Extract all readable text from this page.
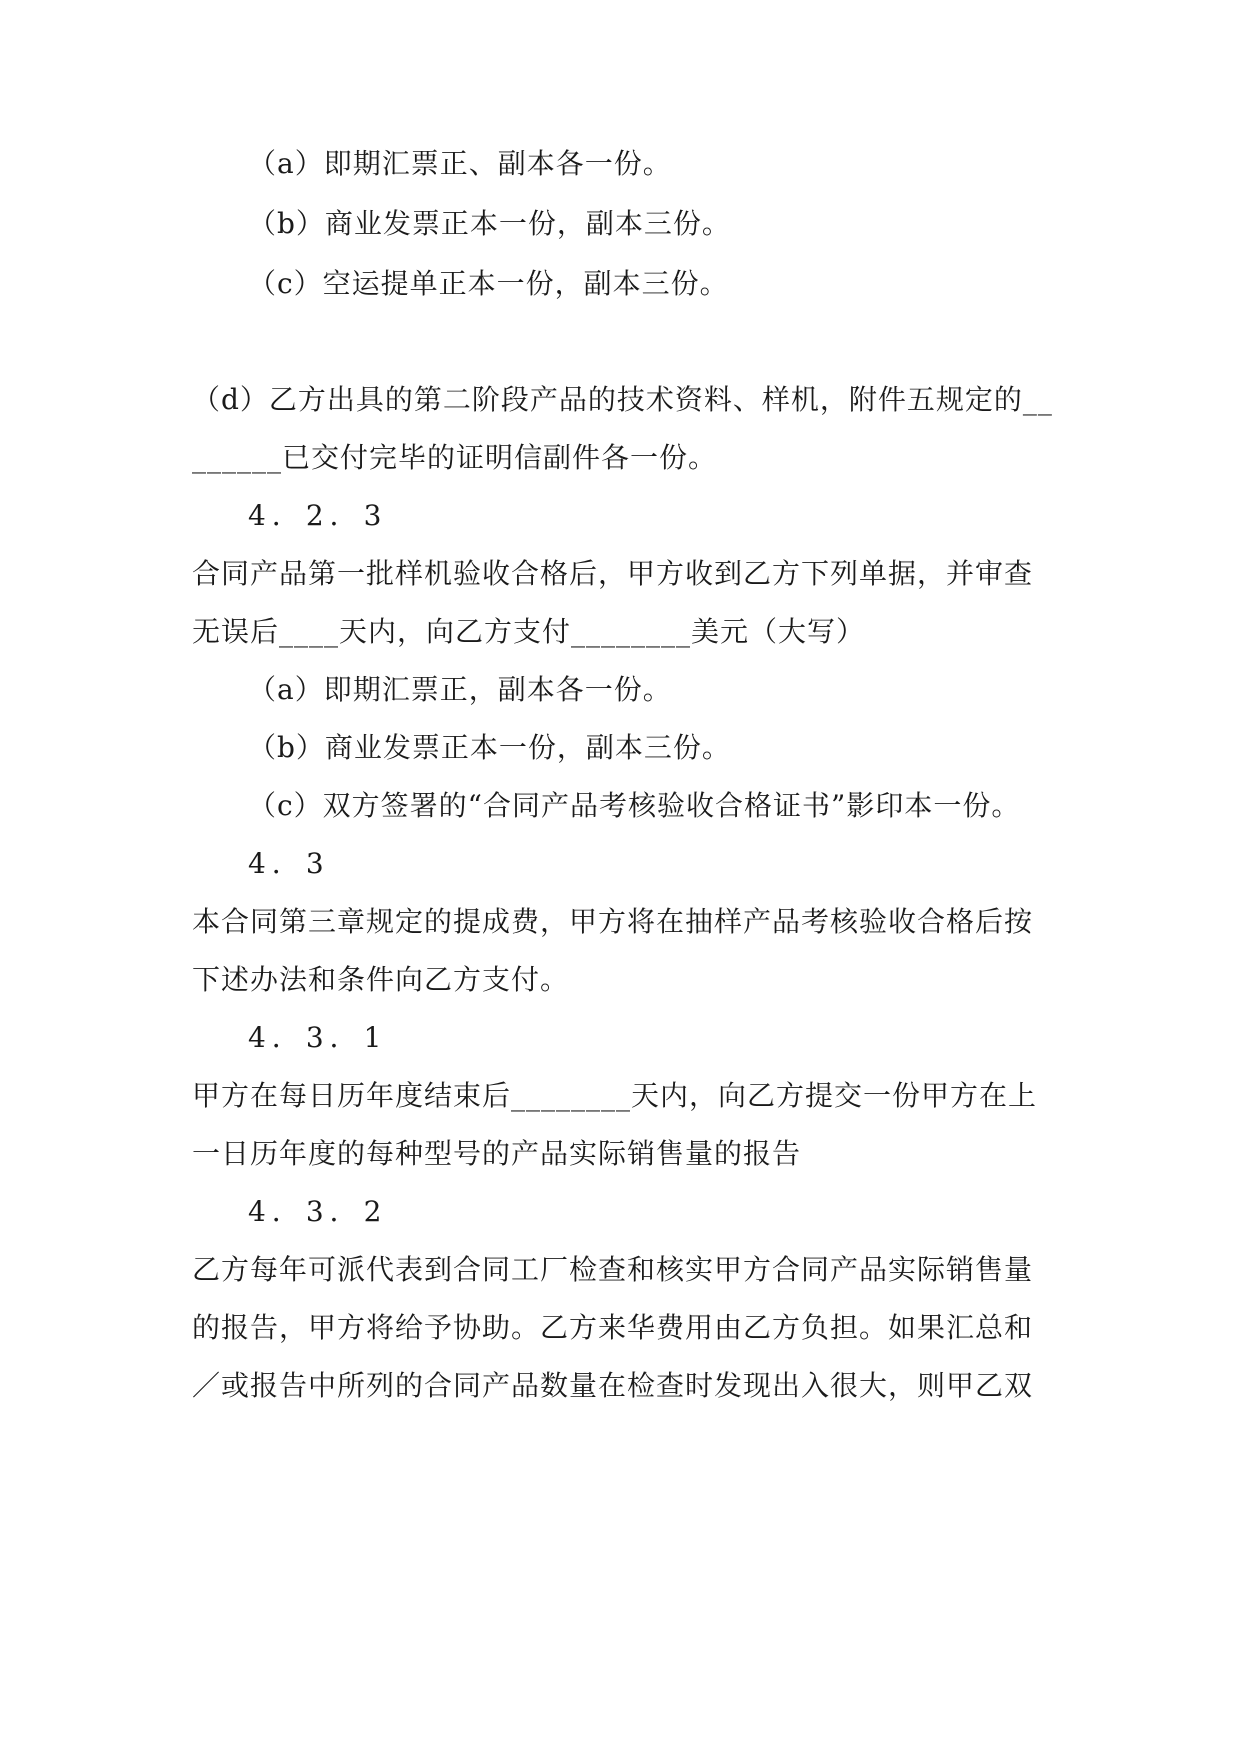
（a）即期汇票正、副本各一份。
（b）商业发票正本一份，副本三份。
（c）空运提单正本一份，副本三份。
（d）乙方出具的第二阶段产品的技术资料、样机，附件五规定的__
______已交付完毕的证明信副件各一份。
4．2．3
合同产品第一批样机验收合格后，甲方收到乙方下列单据，并审查
无误后____天内，向乙方支付________美元（大写）
（a）即期汇票正，副本各一份。
（b）商业发票正本一份，副本三份。
（c）双方签署的“合同产品考核验收合格证书”影印本一份。
4．3
本合同第三章规定的提成费，甲方将在抽样产品考核验收合格后按
下述办法和条件向乙方支付。
4．3．1
甲方在每日历年度结束后________天内，向乙方提交一份甲方在上
一日历年度的每种型号的产品实际销售量的报告
4．3．2
乙方每年可派代表到合同工厂检查和核实甲方合同产品实际销售量
的报告，甲方将给予协助。乙方来华费用由乙方负担。如果汇总和
／或报告中所列的合同产品数量在检查时发现出入很大，则甲乙双
